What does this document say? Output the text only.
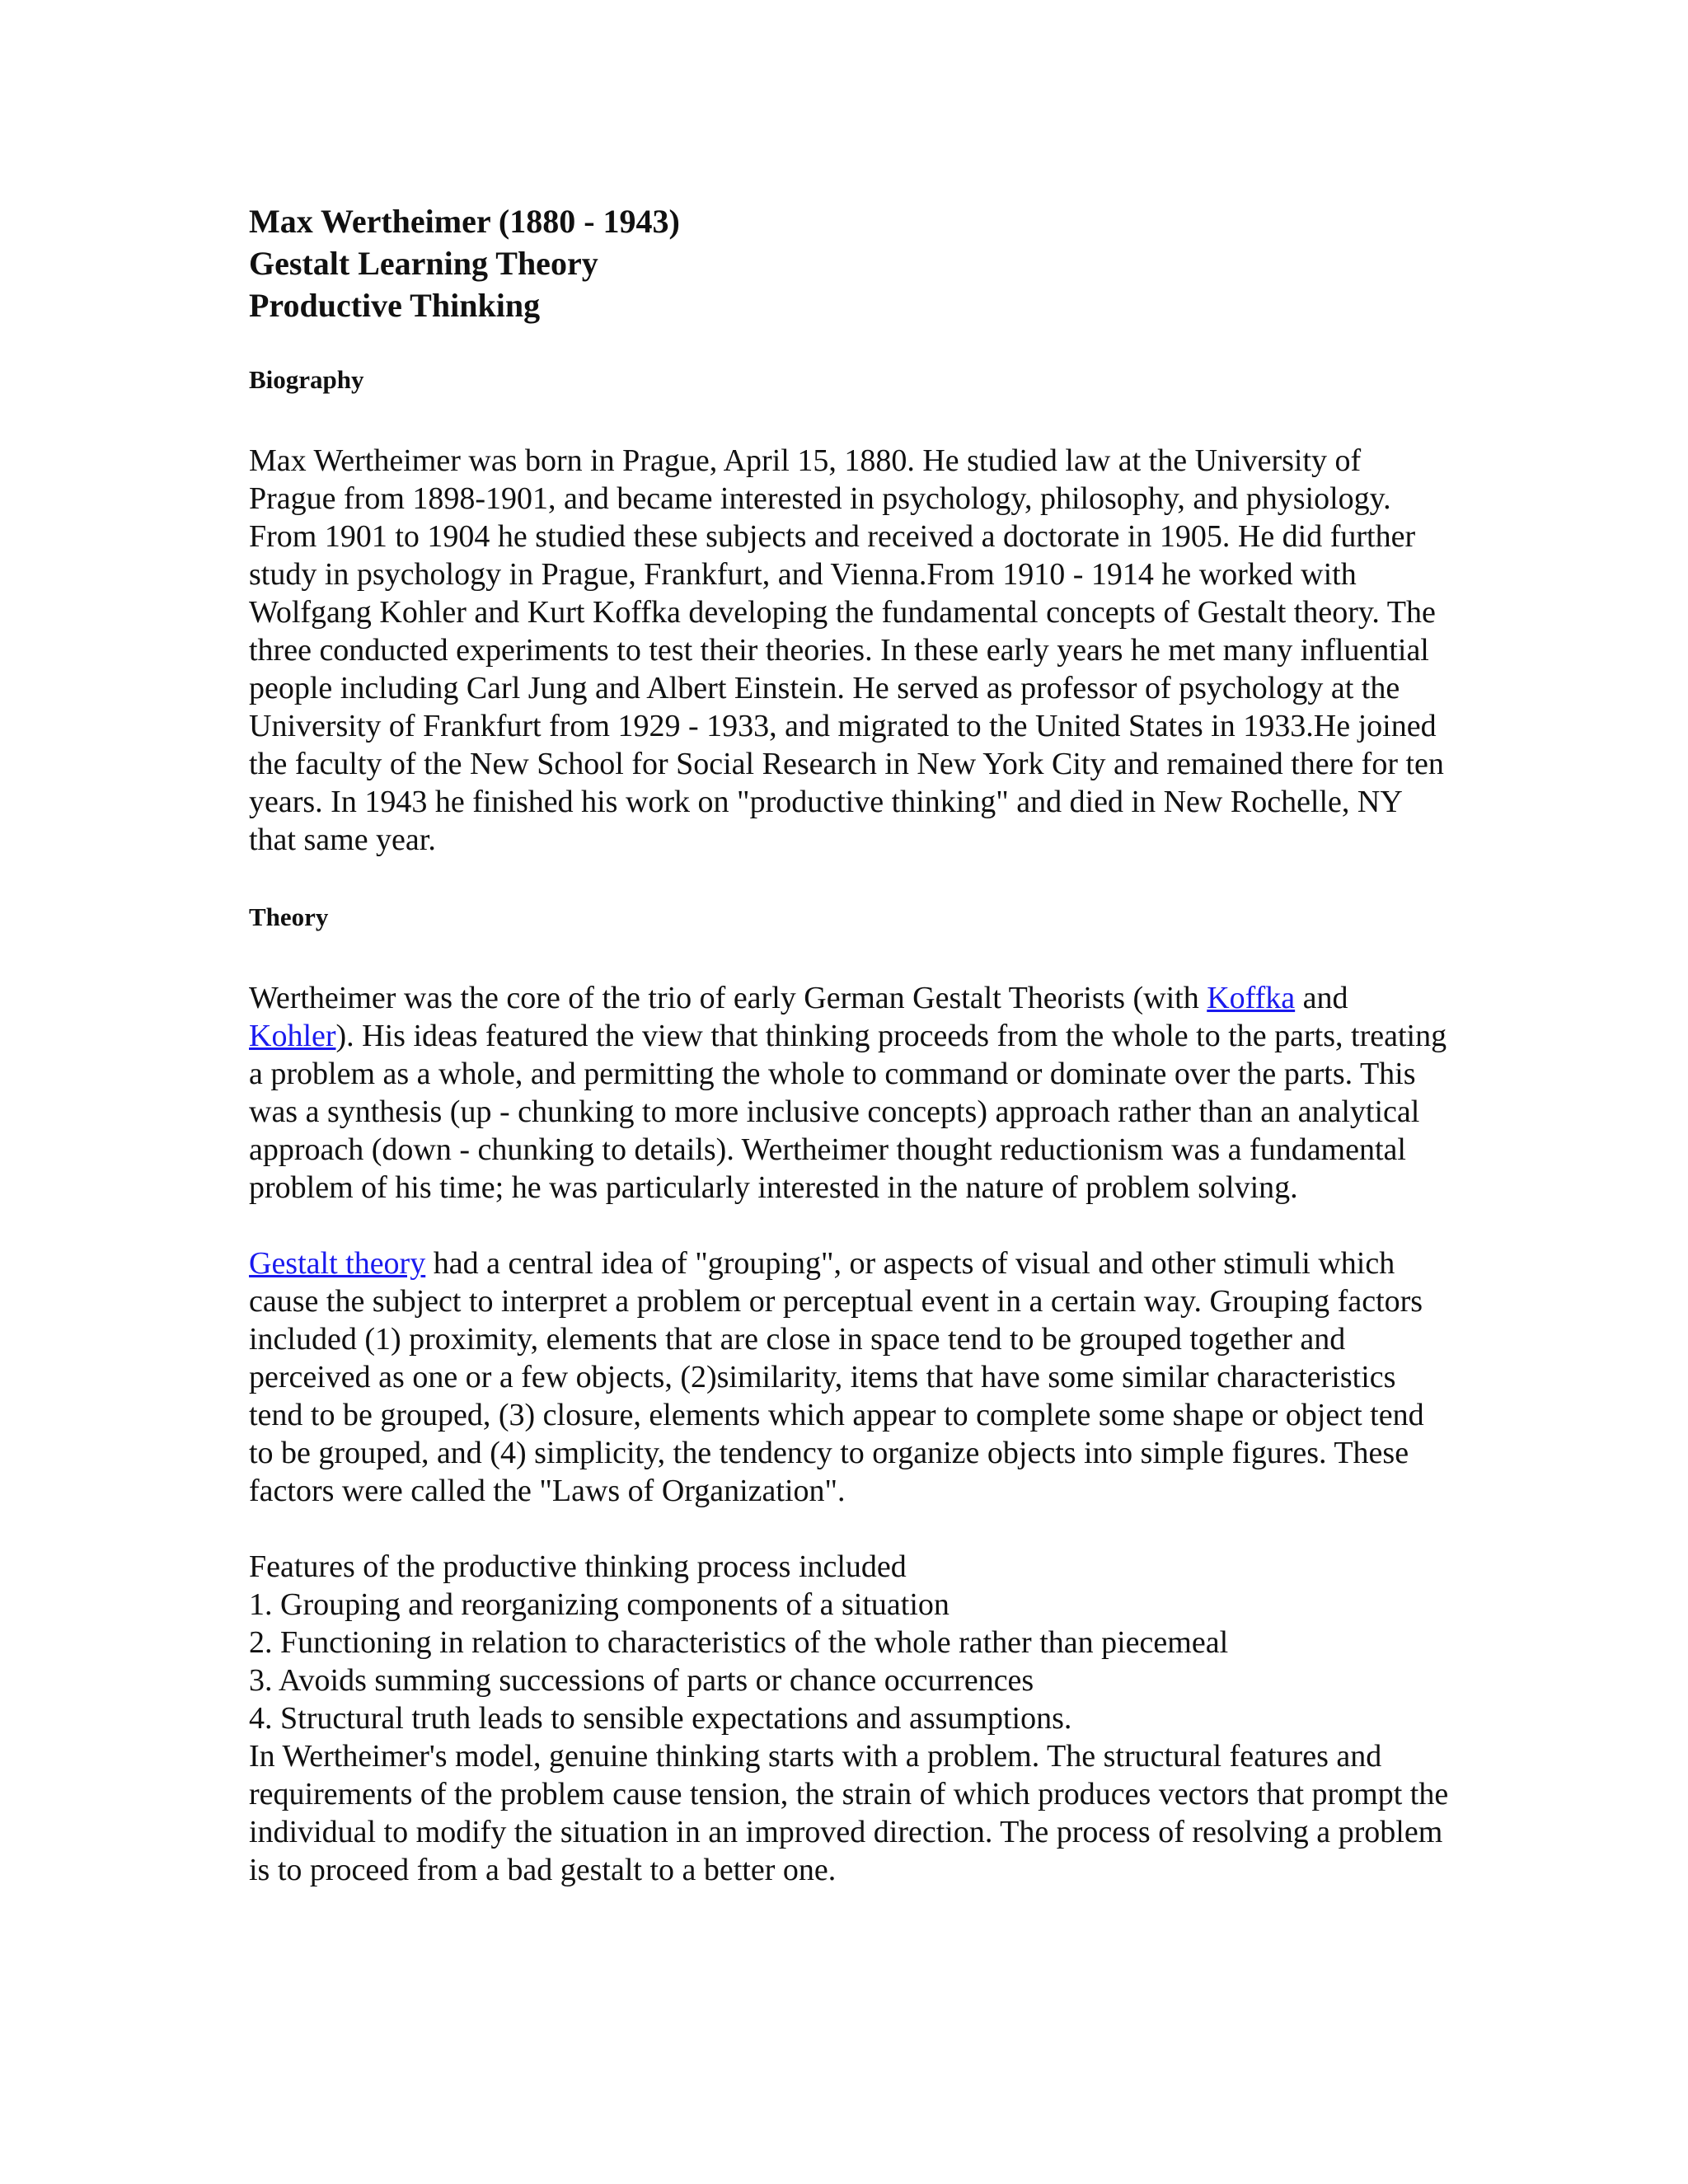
Max Wertheimer (1880 - 1943)
Gestalt Learning Theory
Productive Thinking
Biography

Max Wertheimer was born in Prague, April 15, 1880. He studied law at the University of Prague from 1898-1901, and became interested in psychology, philosophy, and physiology. From 1901 to 1904 he studied these subjects and received a doctorate in 1905. He did further study in psychology in Prague, Frankfurt, and Vienna.From 1910 - 1914 he worked with Wolfgang Kohler and Kurt Koffka developing the fundamental concepts of Gestalt theory. The three conducted experiments to test their theories. In these early years he met many influential people including Carl Jung and Albert Einstein. He served as professor of psychology at the University of Frankfurt from 1929 - 1933, and migrated to the United States in 1933.He joined the faculty of the New School for Social Research in New York City and remained there for ten years. In 1943 he finished his work on "productive thinking" and died in New Rochelle, NY that same year.

Theory

Wertheimer was the core of the trio of early German Gestalt Theorists (with Koffka and Kohler). His ideas featured the view that thinking proceeds from the whole to the parts, treating a problem as a whole, and permitting the whole to command or dominate over the parts. This was a synthesis (up - chunking to more inclusive concepts) approach rather than an analytical approach (down - chunking to details). Wertheimer thought reductionism was a fundamental problem of his time; he was particularly interested in the nature of problem solving.

Gestalt theory had a central idea of "grouping", or aspects of visual and other stimuli which cause the subject to interpret a problem or perceptual event in a certain way. Grouping factors included (1) proximity, elements that are close in space tend to be grouped together and perceived as one or a few objects, (2)similarity, items that have some similar characteristics tend to be grouped, (3) closure, elements which appear to complete some shape or object tend to be grouped, and (4) simplicity, the tendency to organize objects into simple figures. These factors were called the "Laws of Organization".

Features of the productive thinking process included
1. Grouping and reorganizing components of a situation
2. Functioning in relation to characteristics of the whole rather than piecemeal
3. Avoids summing successions of parts or chance occurrences
4. Structural truth leads to sensible expectations and assumptions.

In Wertheimer's model, genuine thinking starts with a problem. The structural features and requirements of the problem cause tension, the strain of which produces vectors that prompt the individual to modify the situation in an improved direction. The process of resolving a problem is to proceed from a bad gestalt to a better one.
